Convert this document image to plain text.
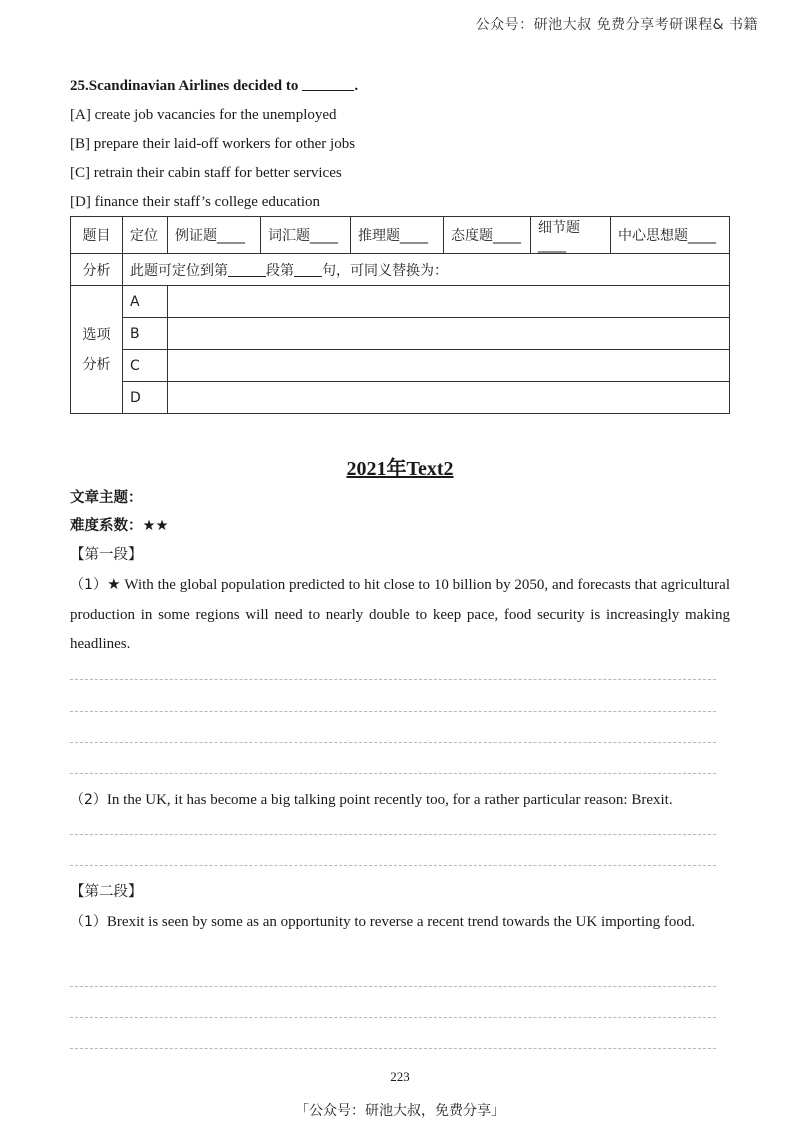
公众号：研池大叔 免费分享考研课程& 书籍
25.Scandinavian Airlines decided to	.
[A] create job vacancies for the unemployed
[B] prepare their laid-off workers for other jobs
[C] retrain their cabin staff for better services
[D] finance their staff’s college education
题目	定位	例证题____	词汇题____	推理题____	态度题____	细节题____	中心思想题____
分析	此题可定位到第 段第 句，可同义替换为：						

选项分析	A						
	B						
	C						
	D						
2021年Text2
文章主题：
难度系数：★★
【第一段】
（1）★ With the global population predicted to hit close to 10 billion by 2050, and forecasts that agricultural production in some regions will need to nearly double to keep pace, food security is increasingly making headlines.
（2）In the UK, it has become a big talking point recently too, for a rather particular reason: Brexit.
【第二段】
（1）Brexit is seen by some as an opportunity to reverse a recent trend towards the UK importing food.
223
「公众号：研池大叔，免费分享」
